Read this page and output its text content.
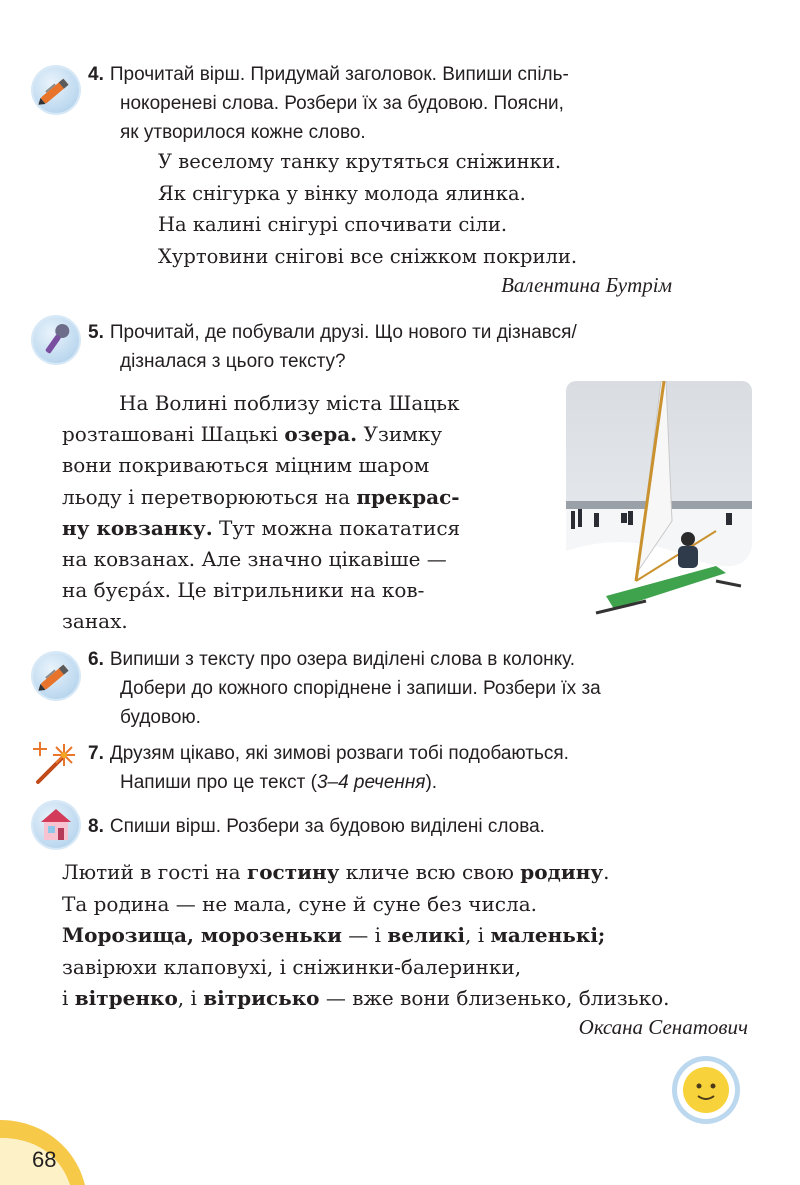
68
4. Прочитай вірш. Придумай заголовок. Випиши спіль-
нокореневі слова. Розбери їх за будовою. Поясни,
як утворилося кожне слово.
У веселому танку крутяться сніжинки.
Як снігурка у вінку молода ялинка.
На калині снігурі спочивати сіли.
Хуртовини снігові все сніжком покрили.
Валентина Бутрім
5. Прочитай, де побували друзі. Що нового ти дізнався/
дізналася з цього тексту?
На Волині поблизу міста Шацьк
розташовані Шацькі озера. Узимку
вони покриваються міцним шаром
льоду і перетворюються на прекрас-
ну ковзанку. Тут можна покататися
на ковзанах. Але значно цікавіше —
на буєра́х. Це вітрильники на ков-
занах.
6. Випиши з тексту про озера виділені слова в колонку.
Добери до кожного споріднене і запиши. Розбери їх за
будовою.
7. Друзям цікаво, які зимові розваги тобі подобаються.
Напиши про це текст (3–4 речення).
8. Спиши вірш. Розбери за будовою виділені слова.
Лютий в гості на гостину кличе всю свою родину.
Та родина — не мала, суне й суне без числа.
Морозища, морозеньки — і великі, і маленькі;
завірюхи клаповухі, і сніжинки-балеринки,
і вітренко, і вітрисько — вже вони близенько, близько.
Оксана Сенатович
